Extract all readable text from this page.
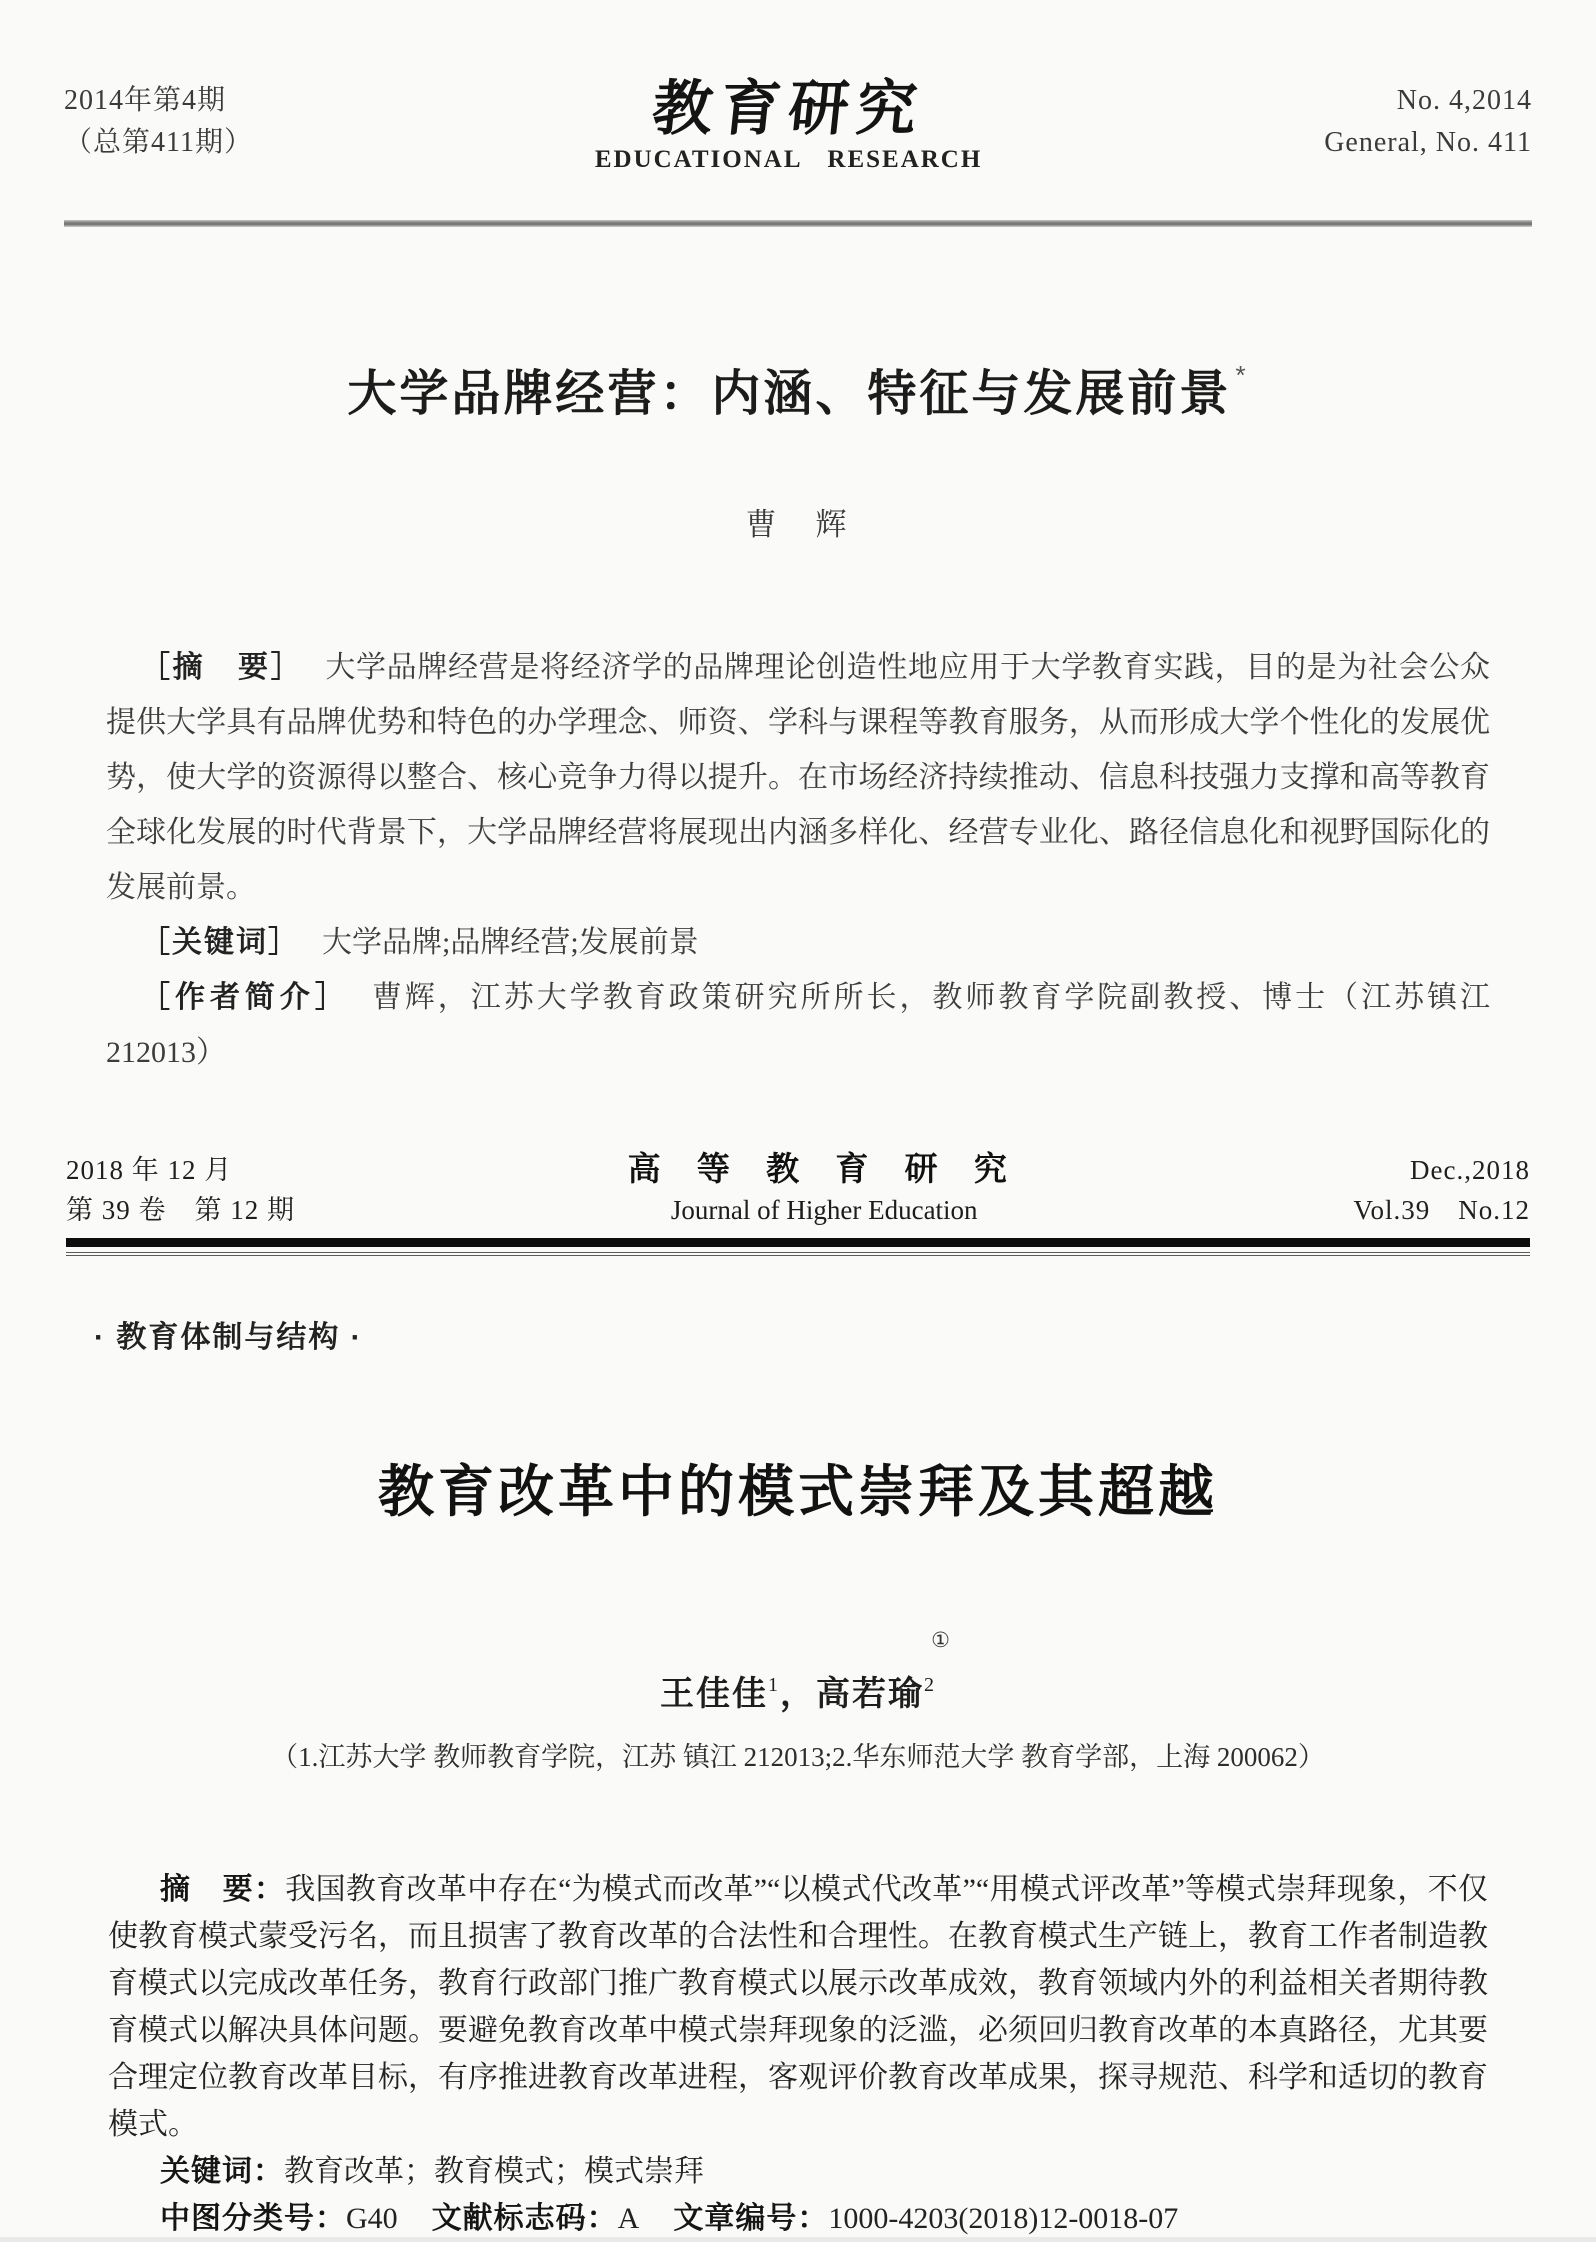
2014年第4期
（总第411期）
教育研究
EDUCATIONAL RESEARCH
No. 4,2014
General, No. 411
大学品牌经营：内涵、特征与发展前景 *
曹　辉

［摘　要］ 大学品牌经营是将经济学的品牌理论创造性地应用于大学教育实践，目的是为社会公众提供大学具有品牌优势和特色的办学理念、师资、学科与课程等教育服务，从而形成大学个性化的发展优势，使大学的资源得以整合、核心竞争力得以提升。在市场经济持续推动、信息科技强力支撑和高等教育全球化发展的时代背景下，大学品牌经营将展现出内涵多样化、经营专业化、路径信息化和视野国际化的发展前景。

［关键词］ 大学品牌;品牌经营;发展前景

［作者简介］ 曹辉，江苏大学教育政策研究所所长，教师教育学院副教授、博士（江苏镇江　212013）

2018 年 12 月
第 39 卷　第 12 期
高 等 教 育 研 究
Journal of Higher Education
Dec.,2018
Vol.39　No.12
· 教育体制与结构 ·
教育改革中的模式崇拜及其超越
王佳佳$^1$，高若瑜$^2$
①
（1.江苏大学 教师教育学院，江苏 镇江 212013;2.华东师范大学 教育学部，上海 200062）

摘　要：我国教育改革中存在“为模式而改革”“以模式代改革”“用模式评改革”等模式崇拜现象，不仅使教育模式蒙受污名，而且损害了教育改革的合法性和合理性。在教育模式生产链上，教育工作者制造教育模式以完成改革任务，教育行政部门推广教育模式以展示改革成效，教育领域内外的利益相关者期待教育模式以解决具体问题。要避免教育改革中模式崇拜现象的泛滥，必须回归教育改革的本真路径，尤其要合理定位教育改革目标，有序推进教育改革进程，客观评价教育改革成果，探寻规范、科学和适切的教育模式。

关键词：教育改革；教育模式；模式崇拜

中图分类号：G40 文献标志码：A 文章编号：1000-4203(2018)12-0018-07
